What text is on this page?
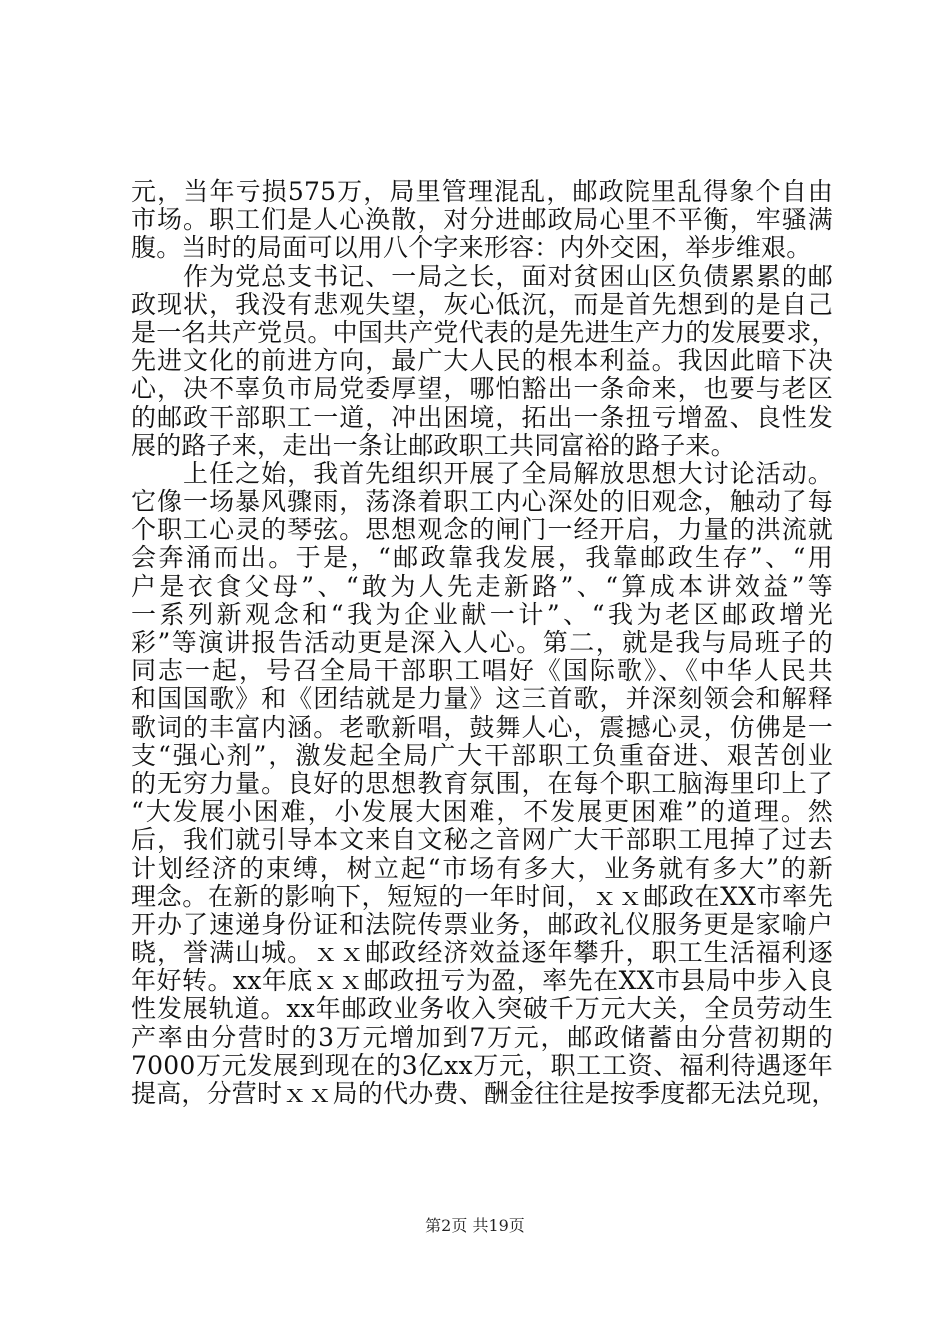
元，当年亏损575万，局里管理混乱，邮政院里乱得象个自由
市场。职工们是人心涣散，对分进邮政局心里不平衡，牢骚满
腹。当时的局面可以用八个字来形容：内外交困，举步维艰。
　　作为党总支书记、一局之长，面对贫困山区负债累累的邮
政现状，我没有悲观失望，灰心低沉，而是首先想到的是自己
是一名共产党员。中国共产党代表的是先进生产力的发展要求，
先进文化的前进方向，最广大人民的根本利益。我因此暗下决
心，决不辜负市局党委厚望，哪怕豁出一条命来，也要与老区
的邮政干部职工一道，冲出困境，拓出一条扭亏增盈、良性发
展的路子来，走出一条让邮政职工共同富裕的路子来。
　　上任之始，我首先组织开展了全局解放思想大讨论活动。
它像一场暴风骤雨，荡涤着职工内心深处的旧观念，触动了每
个职工心灵的琴弦。思想观念的闸门一经开启，力量的洪流就
会奔涌而出。于是，“邮政靠我发展，我靠邮政生存”、“用
户是衣食父母”、“敢为人先走新路”、“算成本讲效益”等
一系列新观念和“我为企业献一计”、“我为老区邮政增光
彩”等演讲报告活动更是深入人心。第二，就是我与局班子的
同志一起，号召全局干部职工唱好《国际歌》、《中华人民共
和国国歌》和《团结就是力量》这三首歌，并深刻领会和解释
歌词的丰富内涵。老歌新唱，鼓舞人心，震撼心灵，仿佛是一
支“强心剂”，激发起全局广大干部职工负重奋进、艰苦创业
的无穷力量。良好的思想教育氛围，在每个职工脑海里印上了
“大发展小困难，小发展大困难，不发展更困难”的道理。然
后，我们就引导本文来自文秘之音网广大干部职工甩掉了过去
计划经济的束缚，树立起“市场有多大，业务就有多大”的新
理念。在新的影响下，短短的一年时间，ｘｘ邮政在XX市率先
开办了速递身份证和法院传票业务，邮政礼仪服务更是家喻户
晓，誉满山城。ｘｘ邮政经济效益逐年攀升，职工生活福利逐
年好转。xx年底ｘｘ邮政扭亏为盈，率先在XX市县局中步入良
性发展轨道。xx年邮政业务收入突破千万元大关，全员劳动生
产率由分营时的3万元增加到7万元，邮政储蓄由分营初期的
7000万元发展到现在的3亿xx万元，职工工资、福利待遇逐年
提高，分营时ｘｘ局的代办费、酬金往往是按季度都无法兑现，
第2页 共19页
